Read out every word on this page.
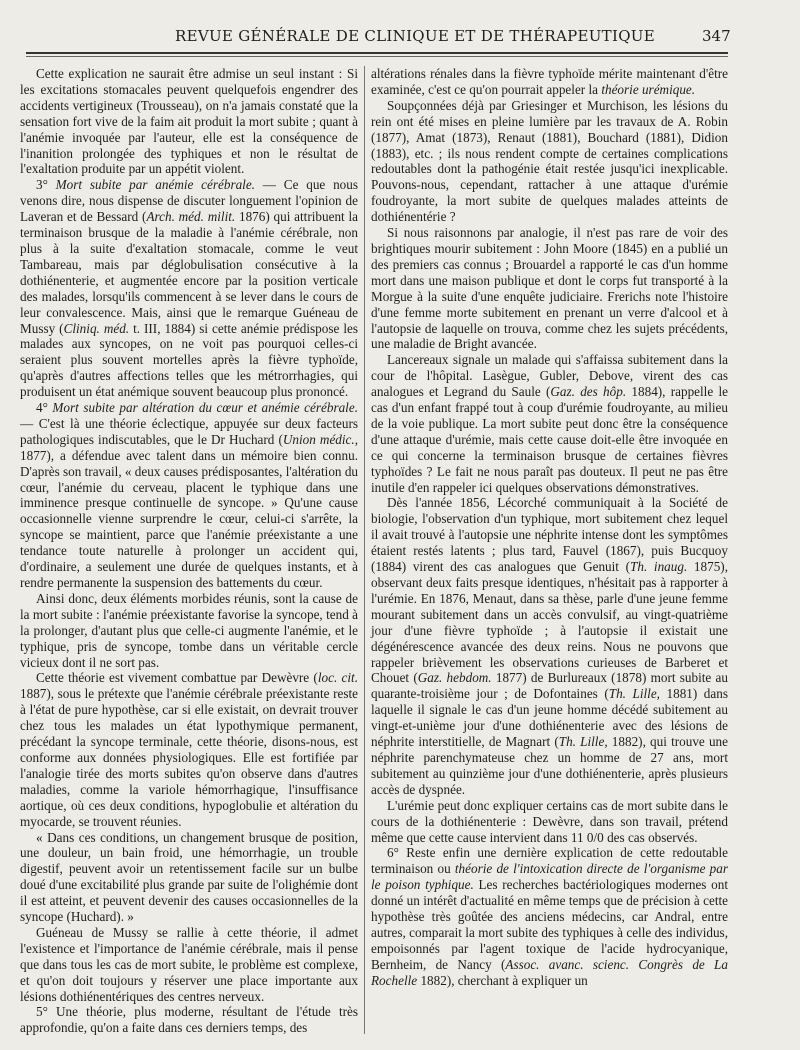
REVUE GÉNÉRALE DE CLINIQUE ET DE THÉRAPEUTIQUE	347

Cette explication ne saurait être admise un seul instant : Si les excitations stomacales peuvent quelquefois engendrer des accidents vertigineux (Trousseau), on n'a jamais constaté que la sensation fort vive de la faim ait produit la mort subite ; quant à l'anémie invoquée par l'auteur, elle est la conséquence de l'inanition prolongée des typhiques et non le résultat de l'exaltation produite par un appétit violent.

3° Mort subite par anémie cérébrale. — Ce que nous venons dire, nous dispense de discuter longuement l'opinion de Laveran et de Bessard (Arch. méd. milit. 1876) qui attribuent la terminaison brusque de la maladie à l'anémie cérébrale, non plus à la suite d'exaltation stomacale, comme le veut Tambareau, mais par déglobulisation consécutive à la dothiénenterie, et augmentée encore par la position verticale des malades, lorsqu'ils commencent à se lever dans le cours de leur convalescence. Mais, ainsi que le remarque Guéneau de Mussy (Cliniq. méd. t. III, 1884) si cette anémie prédispose les malades aux syncopes, on ne voit pas pourquoi celles-ci seraient plus souvent mortelles après la fièvre typhoïde, qu'après d'autres affections telles que les métrorrhagies, qui produisent un état anémique souvent beaucoup plus prononcé.

4° Mort subite par altération du cœur et anémie cérébrale. — C'est là une théorie éclectique, appuyée sur deux facteurs pathologiques indiscutables, que le Dr Huchard (Union médic., 1877), a défendue avec talent dans un mémoire bien connu. D'après son travail, « deux causes prédisposantes, l'altération du cœur, l'anémie du cerveau, placent le typhique dans une imminence presque continuelle de syncope. » Qu'une cause occasionnelle vienne surprendre le cœur, celui-ci s'arrête, la syncope se maintient, parce que l'anémie préexistante a une tendance toute naturelle à prolonger un accident qui, d'ordinaire, a seulement une durée de quelques instants, et à rendre permanente la suspension des battements du cœur.

Ainsi donc, deux éléments morbides réunis, sont la cause de la mort subite : l'anémie préexistante favorise la syncope, tend à la prolonger, d'autant plus que celle-ci augmente l'anémie, et le typhique, pris de syncope, tombe dans un véritable cercle vicieux dont il ne sort pas.

Cette théorie est vivement combattue par Dewèvre (loc. cit. 1887), sous le prétexte que l'anémie cérébrale préexistante reste à l'état de pure hypothèse, car si elle existait, on devrait trouver chez tous les malades un état lypothymique permanent, précédant la syncope terminale, cette théorie, disons-nous, est conforme aux données physiologiques. Elle est fortifiée par l'analogie tirée des morts subites qu'on observe dans d'autres maladies, comme la variole hémorrhagique, l'insuffisance aortique, où ces deux conditions, hypoglobulie et altération du myocarde, se trouvent réunies.

« Dans ces conditions, un changement brusque de position, une douleur, un bain froid, une hémorrhagie, un trouble digestif, peuvent avoir un retentissement facile sur un bulbe doué d'une excitabilité plus grande par suite de l'olighémie dont il est atteint, et peuvent devenir des causes occasionnelles de la syncope (Huchard). »

Guéneau de Mussy se rallie à cette théorie, il admet l'existence et l'importance de l'anémie cérébrale, mais il pense que dans tous les cas de mort subite, le problème est complexe, et qu'on doit toujours y réserver une place importante aux lésions dothiénentériques des centres nerveux.

5° Une théorie, plus moderne, résultant de l'étude très approfondie, qu'on a faite dans ces derniers temps, des

altérations rénales dans la fièvre typhoïde mérite maintenant d'être examinée, c'est ce qu'on pourrait appeler la théorie urémique.

Soupçonnées déjà par Griesinger et Murchison, les lésions du rein ont été mises en pleine lumière par les travaux de A. Robin (1877), Amat (1873), Renaut (1881), Bouchard (1881), Didion (1883), etc. ; ils nous rendent compte de certaines complications redoutables dont la pathogénie était restée jusqu'ici inexplicable. Pouvons-nous, cependant, rattacher à une attaque d'urémie foudroyante, la mort subite de quelques malades atteints de dothiénentérie ?

Si nous raisonnons par analogie, il n'est pas rare de voir des brightiques mourir subitement : John Moore (1845) en a publié un des premiers cas connus ; Brouardel a rapporté le cas d'un homme mort dans une maison publique et dont le corps fut transporté à la Morgue à la suite d'une enquête judiciaire. Frerichs note l'histoire d'une femme morte subitement en prenant un verre d'alcool et à l'autopsie de laquelle on trouva, comme chez les sujets précédents, une maladie de Bright avancée.

Lancereaux signale un malade qui s'affaissa subitement dans la cour de l'hôpital. Lasègue, Gubler, Debove, virent des cas analogues et Legrand du Saule (Gaz. des hôp. 1884), rappelle le cas d'un enfant frappé tout à coup d'urémie foudroyante, au milieu de la voie publique. La mort subite peut donc être la conséquence d'une attaque d'urémie, mais cette cause doit-elle être invoquée en ce qui concerne la terminaison brusque de certaines fièvres typhoïdes ? Le fait ne nous paraît pas douteux. Il peut ne pas être inutile d'en rappeler ici quelques observations démonstratives.

Dès l'année 1856, Lécorché communiquait à la Société de biologie, l'observation d'un typhique, mort subitement chez lequel il avait trouvé à l'autopsie une néphrite intense dont les symptômes étaient restés latents ; plus tard, Fauvel (1867), puis Bucquoy (1884) virent des cas analogues que Genuit (Th. inaug. 1875), observant deux faits presque identiques, n'hésitait pas à rapporter à l'urémie. En 1876, Menaut, dans sa thèse, parle d'une jeune femme mourant subitement dans un accès convulsif, au vingt-quatrième jour d'une fièvre typhoïde ; à l'autopsie il existait une dégénérescence avancée des deux reins. Nous ne pouvons que rappeler brièvement les observations curieuses de Barberet et Chouet (Gaz. hebdom. 1877) de Burlureaux (1878) mort subite au quarante-troisième jour ; de Dofontaines (Th. Lille, 1881) dans laquelle il signale le cas d'un jeune homme décédé subitement au vingt-et-unième jour d'une dothiénenterie avec des lésions de néphrite interstitielle, de Magnart (Th. Lille, 1882), qui trouve une néphrite parenchymateuse chez un homme de 27 ans, mort subitement au quinzième jour d'une dothiénenterie, après plusieurs accès de dyspnée.

L'urémie peut donc expliquer certains cas de mort subite dans le cours de la dothiénenterie : Dewèvre, dans son travail, prétend même que cette cause intervient dans 11 0/0 des cas observés.

6° Reste enfin une dernière explication de cette redoutable terminaison ou théorie de l'intoxication directe de l'organisme par le poison typhique. Les recherches bactériologiques modernes ont donné un intérêt d'actualité en même temps que de précision à cette hypothèse très goûtée des anciens médecins, car Andral, entre autres, comparait la mort subite des typhiques à celle des individus, empoisonnés par l'agent toxique de l'acide hydrocyanique, Bernheim, de Nancy (Assoc. avanc. scienc. Congrès de La Rochelle 1882), cherchant à expliquer un
